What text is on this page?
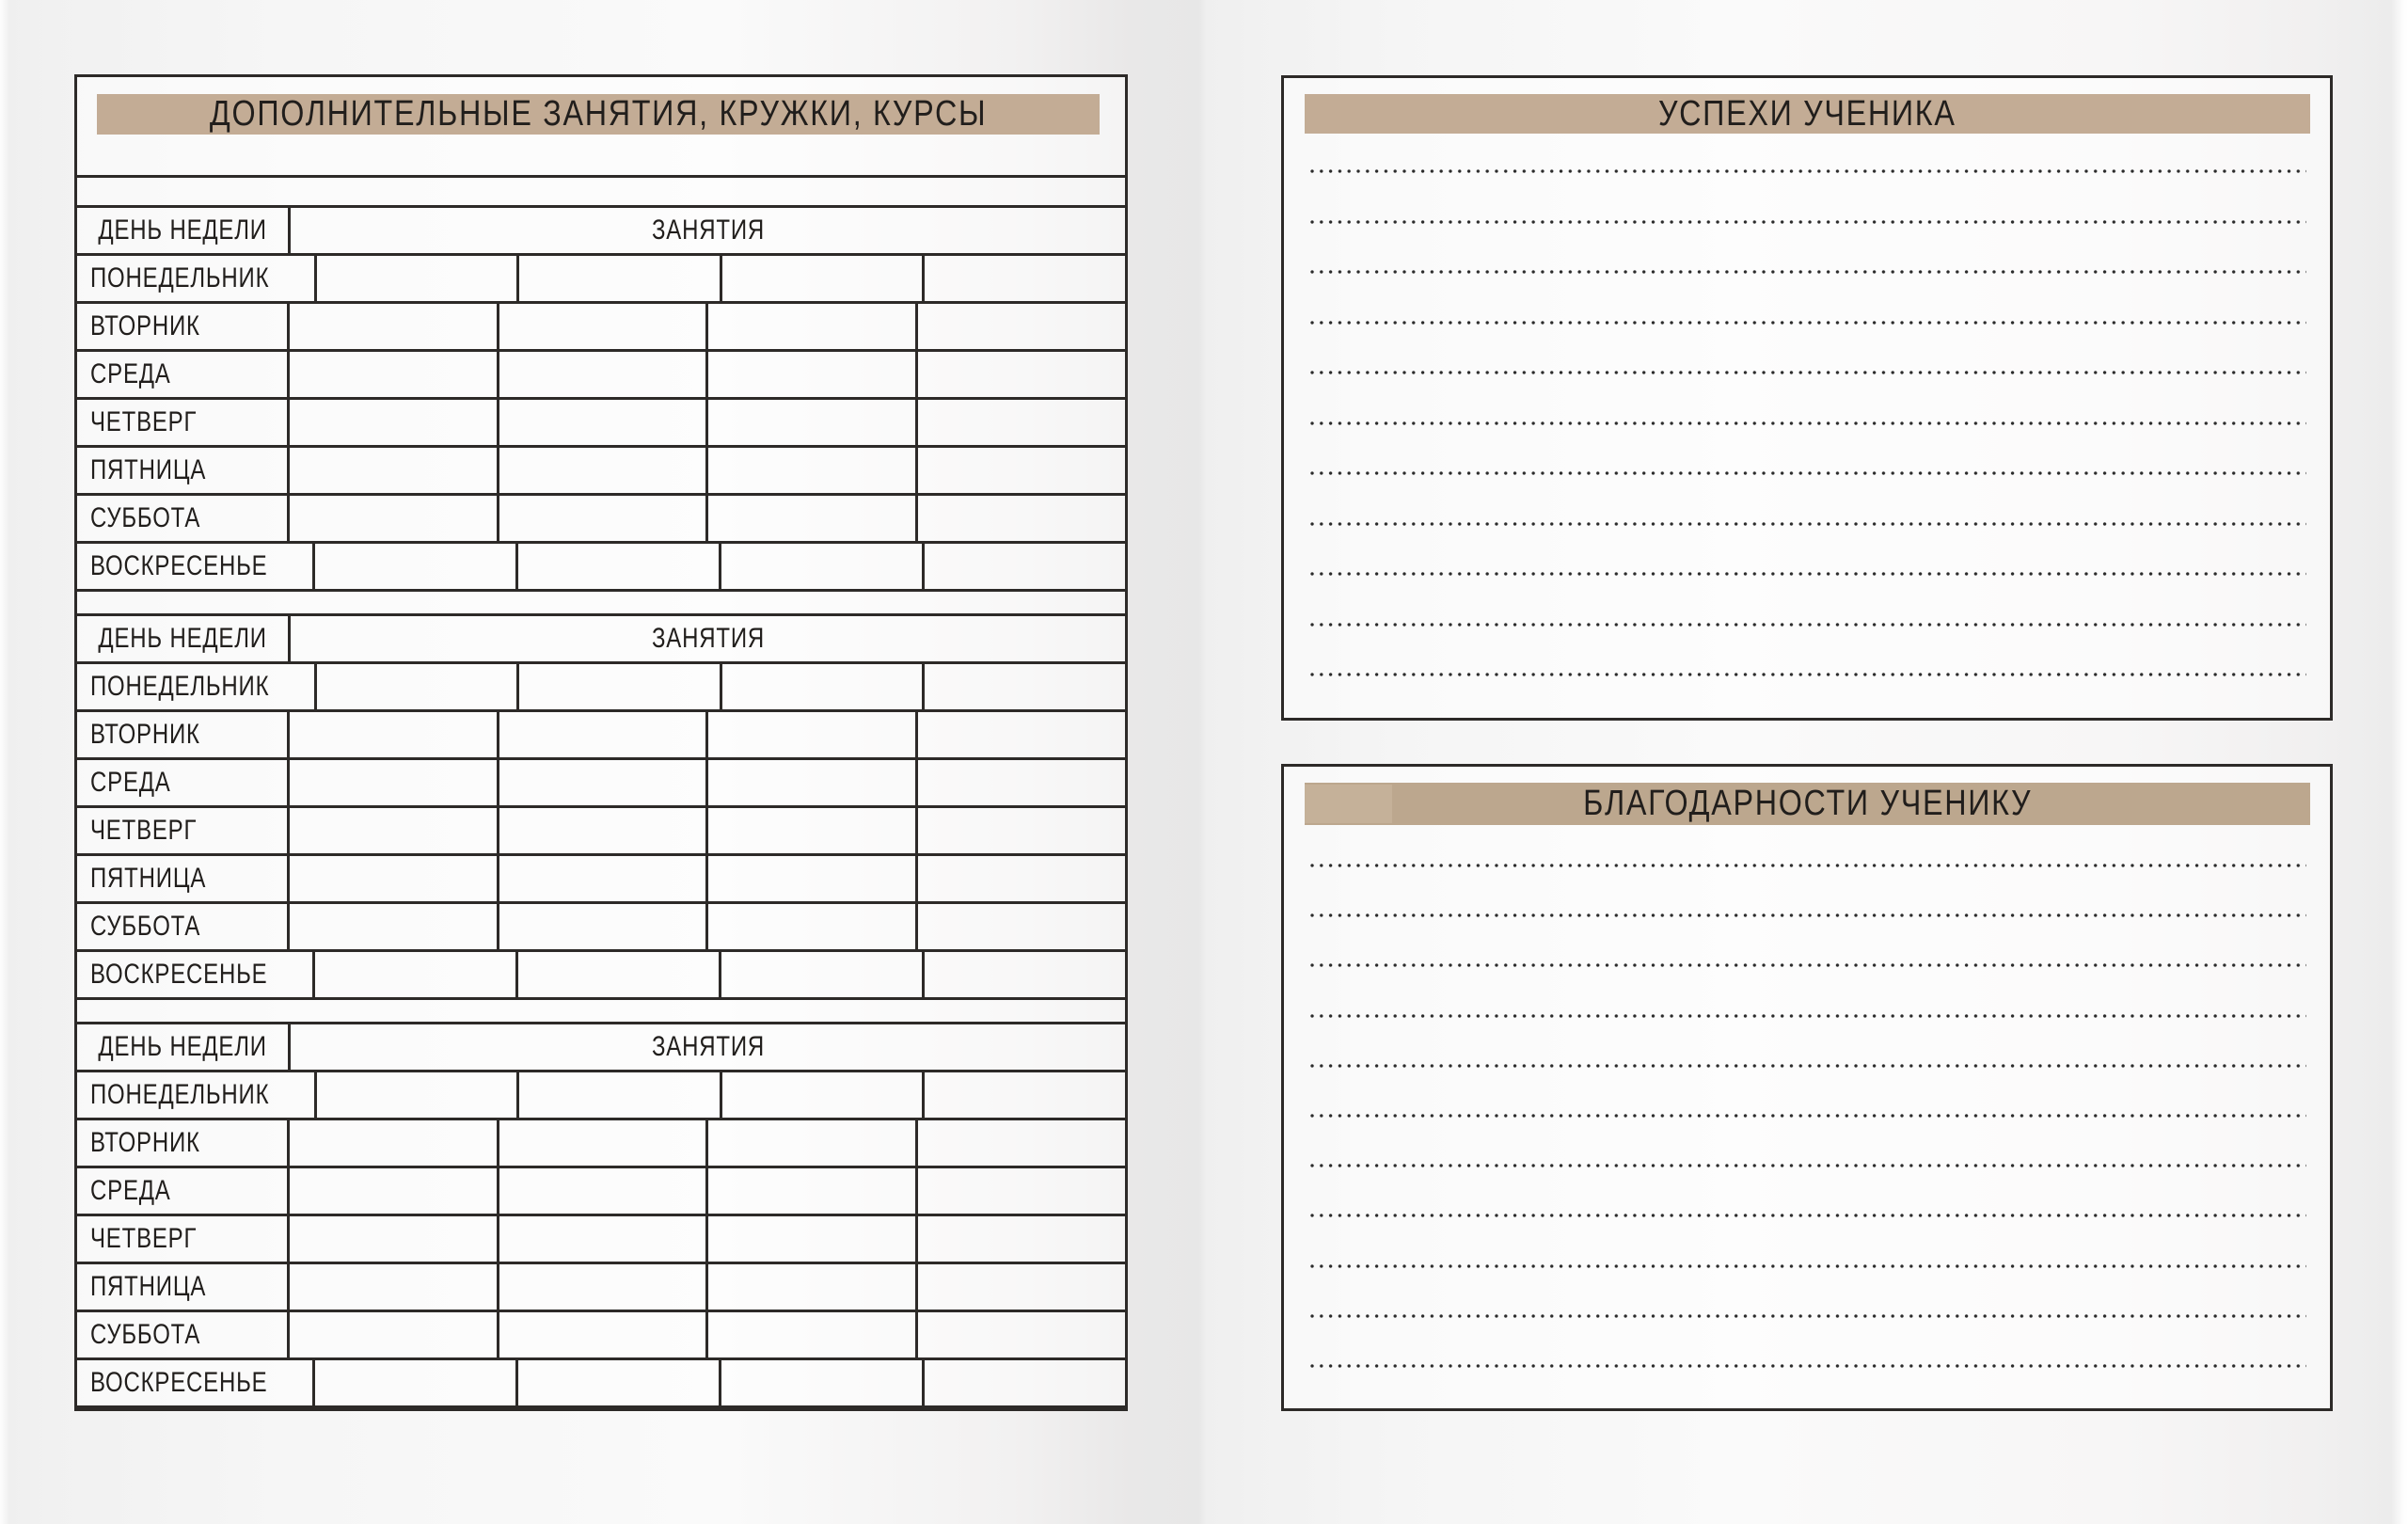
ДОПОЛНИТЕЛЬНЫЕ ЗАНЯТИЯ, КРУЖКИ, КУРСЫ
ДЕНЬ НЕДЕЛИ	ЗАНЯТИЯ
ПОНЕДЕЛЬНИК
ВТОРНИК
СРЕДА
ЧЕТВЕРГ
ПЯТНИЦА
СУББОТА
ВОСКРЕСЕНЬЕ
ДЕНЬ НЕДЕЛИ	ЗАНЯТИЯ
ПОНЕДЕЛЬНИК
ВТОРНИК
СРЕДА
ЧЕТВЕРГ
ПЯТНИЦА
СУББОТА
ВОСКРЕСЕНЬЕ
ДЕНЬ НЕДЕЛИ	ЗАНЯТИЯ
ПОНЕДЕЛЬНИК
ВТОРНИК
СРЕДА
ЧЕТВЕРГ
ПЯТНИЦА
СУББОТА
ВОСКРЕСЕНЬЕ
УСПЕХИ УЧЕНИКА
БЛАГОДАРНОСТИ УЧЕНИКУ
